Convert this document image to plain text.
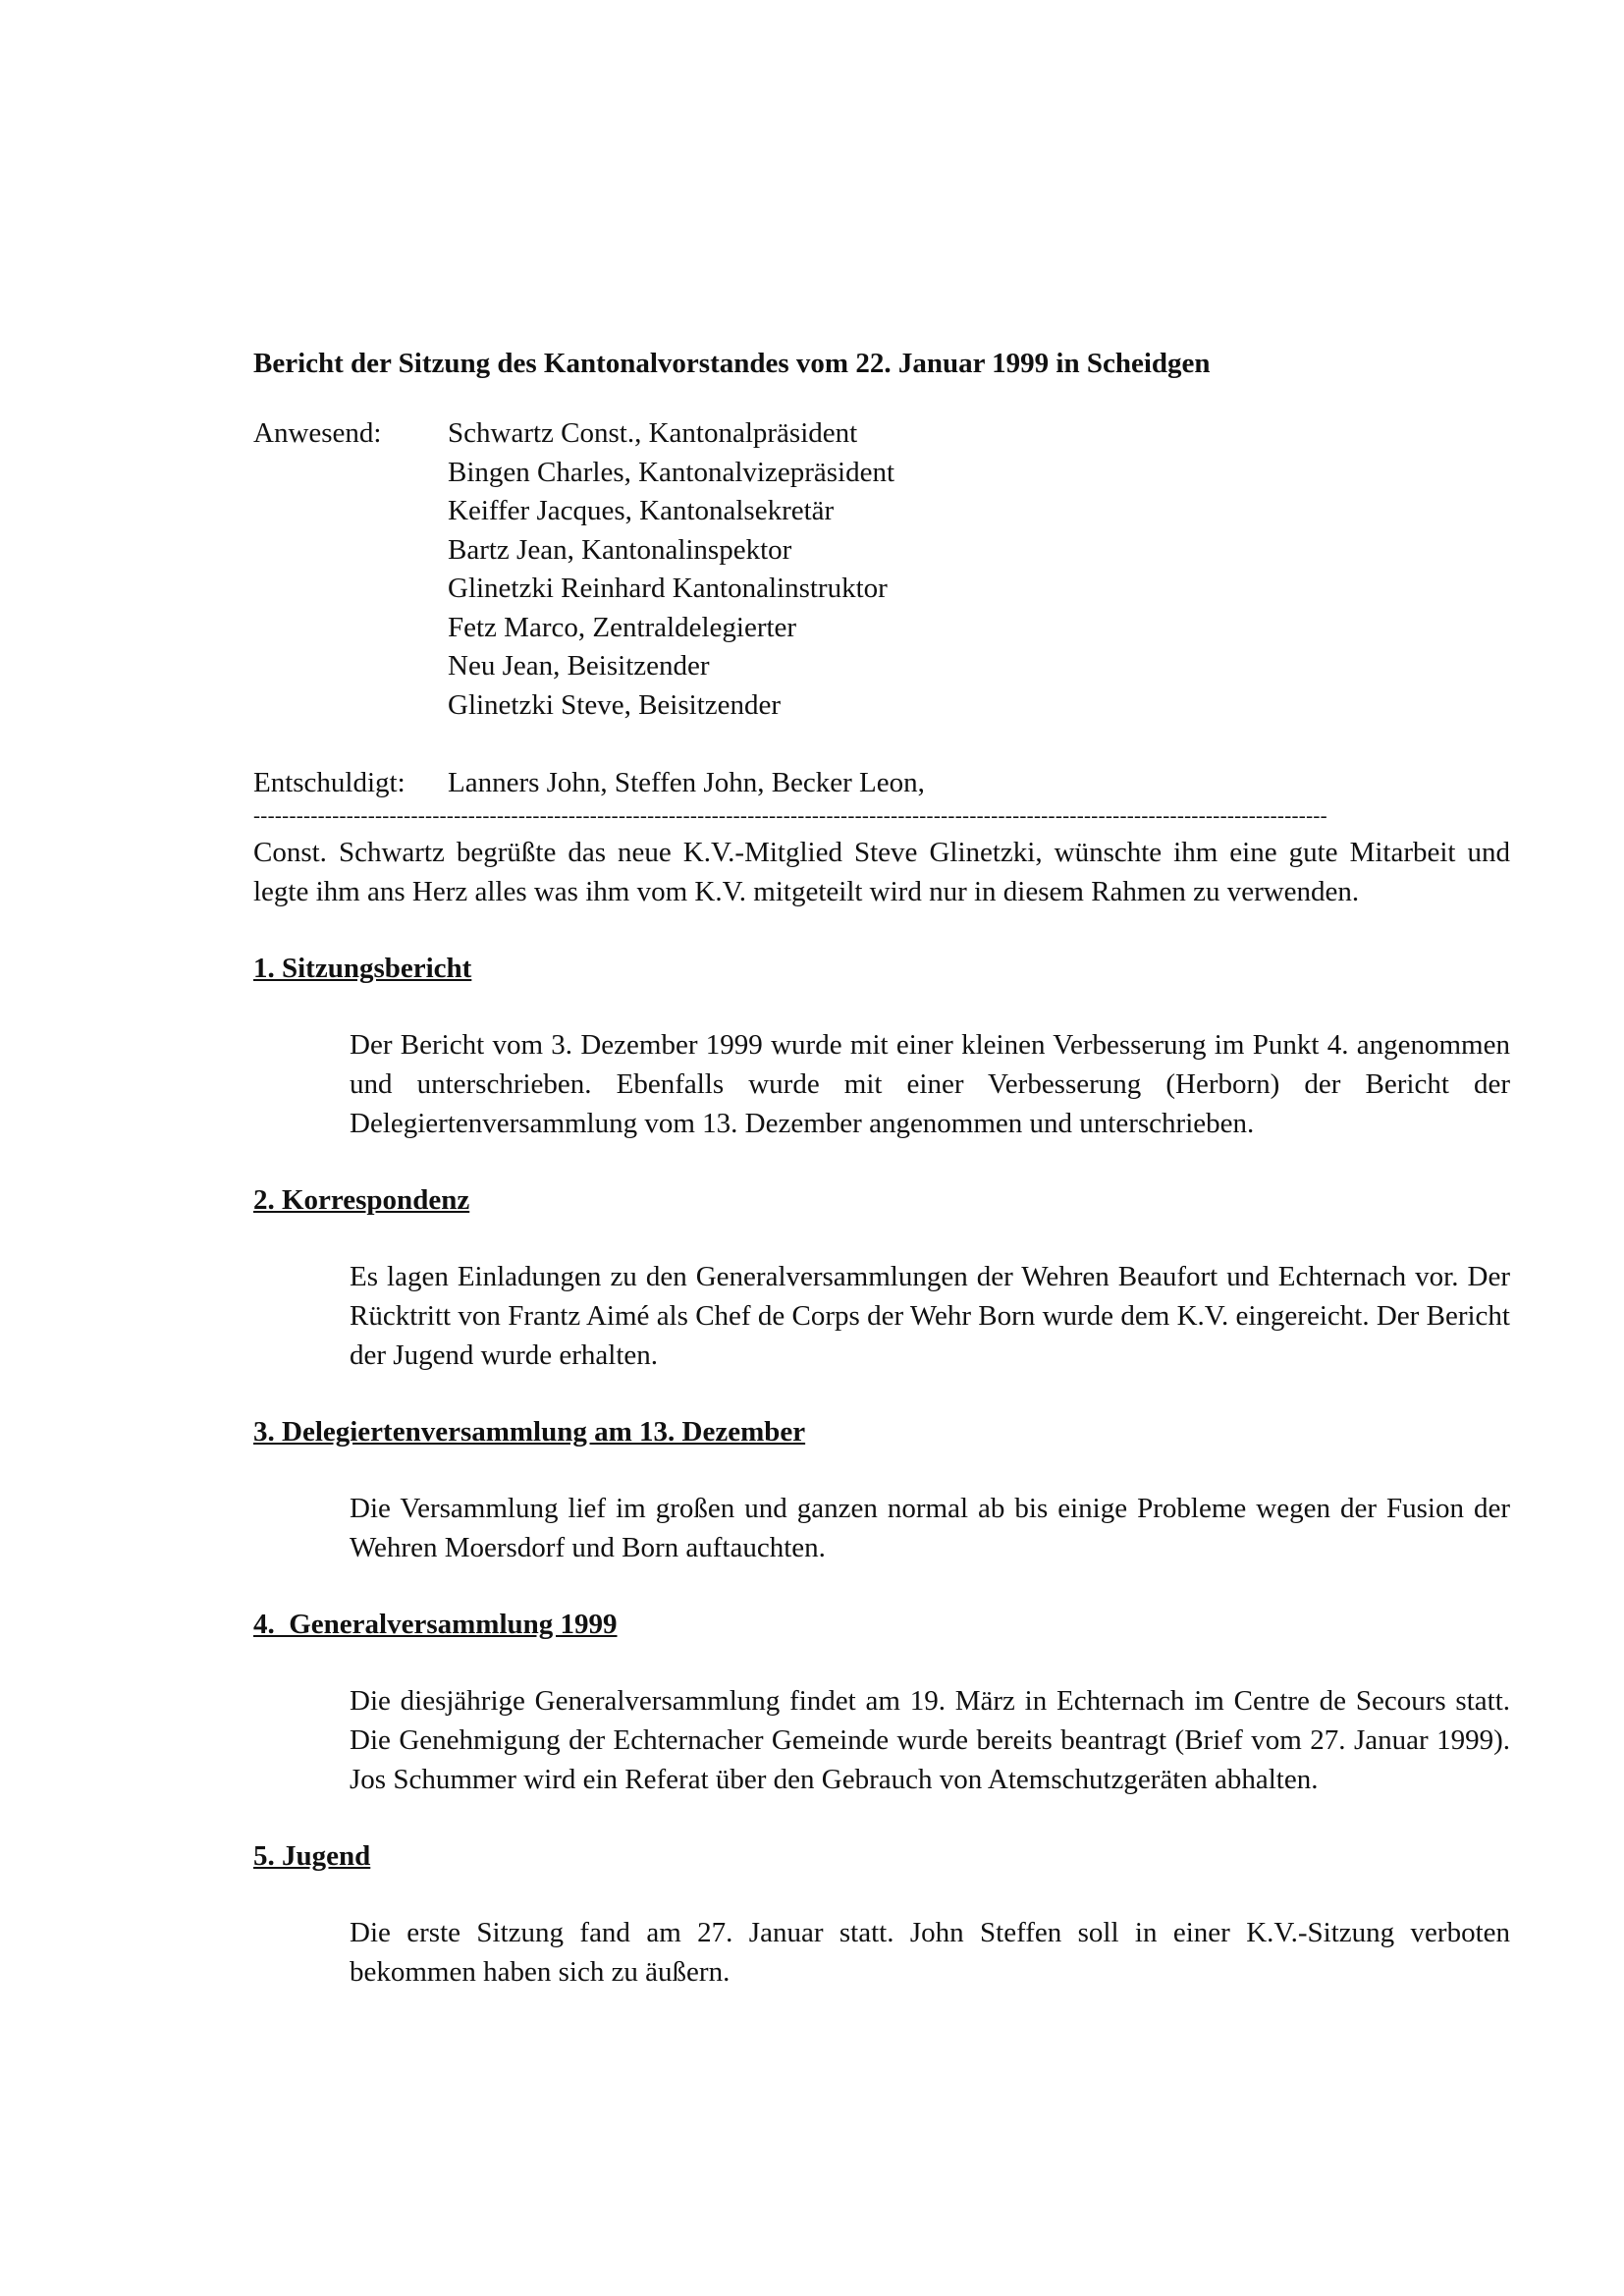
Bericht der Sitzung des Kantonalvorstandes vom 22. Januar 1999 in Scheidgen

Anwesend:	Schwartz Const., Kantonalpräsident
Bingen Charles, Kantonalvizepräsident
Keiffer Jacques, Kantonalsekretär
Bartz Jean, Kantonalinspektor
Glinetzki Reinhard Kantonalinstruktor
Fetz Marco, Zentraldelegierter
Neu Jean, Beisitzender
Glinetzki Steve, Beisitzender
Entschuldigt:	Lanners John, Steffen John, Becker Leon,
------------------------------------------------------------------------------------------------------------------------------------------------------

Const. Schwartz begrüßte das neue K.V.-Mitglied Steve Glinetzki, wünschte ihm eine gute Mitarbeit und legte ihm ans Herz alles was ihm vom K.V. mitgeteilt wird nur in diesem Rahmen zu verwenden.

1. Sitzungsbericht

Der Bericht vom 3. Dezember 1999 wurde mit einer kleinen Verbesserung im Punkt 4. angenommen und unterschrieben. Ebenfalls wurde mit einer Verbesserung (Herborn) der Bericht der Delegiertenversammlung vom 13. Dezember angenommen und unterschrieben.

2. Korrespondenz

Es lagen Einladungen zu den Generalversammlungen der Wehren Beaufort und Echternach vor. Der Rücktritt von Frantz Aimé als Chef de Corps der Wehr Born wurde dem K.V. eingereicht. Der Bericht der Jugend wurde erhalten.

3. Delegiertenversammlung am 13. Dezember

Die Versammlung lief im großen und ganzen normal ab bis einige Probleme wegen der Fusion der Wehren Moersdorf und Born auftauchten.

4.  Generalversammlung 1999

Die diesjährige Generalversammlung findet am 19. März in Echternach im Centre de Secours statt. Die Genehmigung der Echternacher Gemeinde wurde bereits beantragt (Brief vom 27. Januar 1999). Jos Schummer wird ein Referat über den Gebrauch von Atemschutzgeräten abhalten.

5. Jugend

Die erste Sitzung fand am 27. Januar statt. John Steffen soll in einer K.V.-Sitzung verboten bekommen haben sich zu äußern.
